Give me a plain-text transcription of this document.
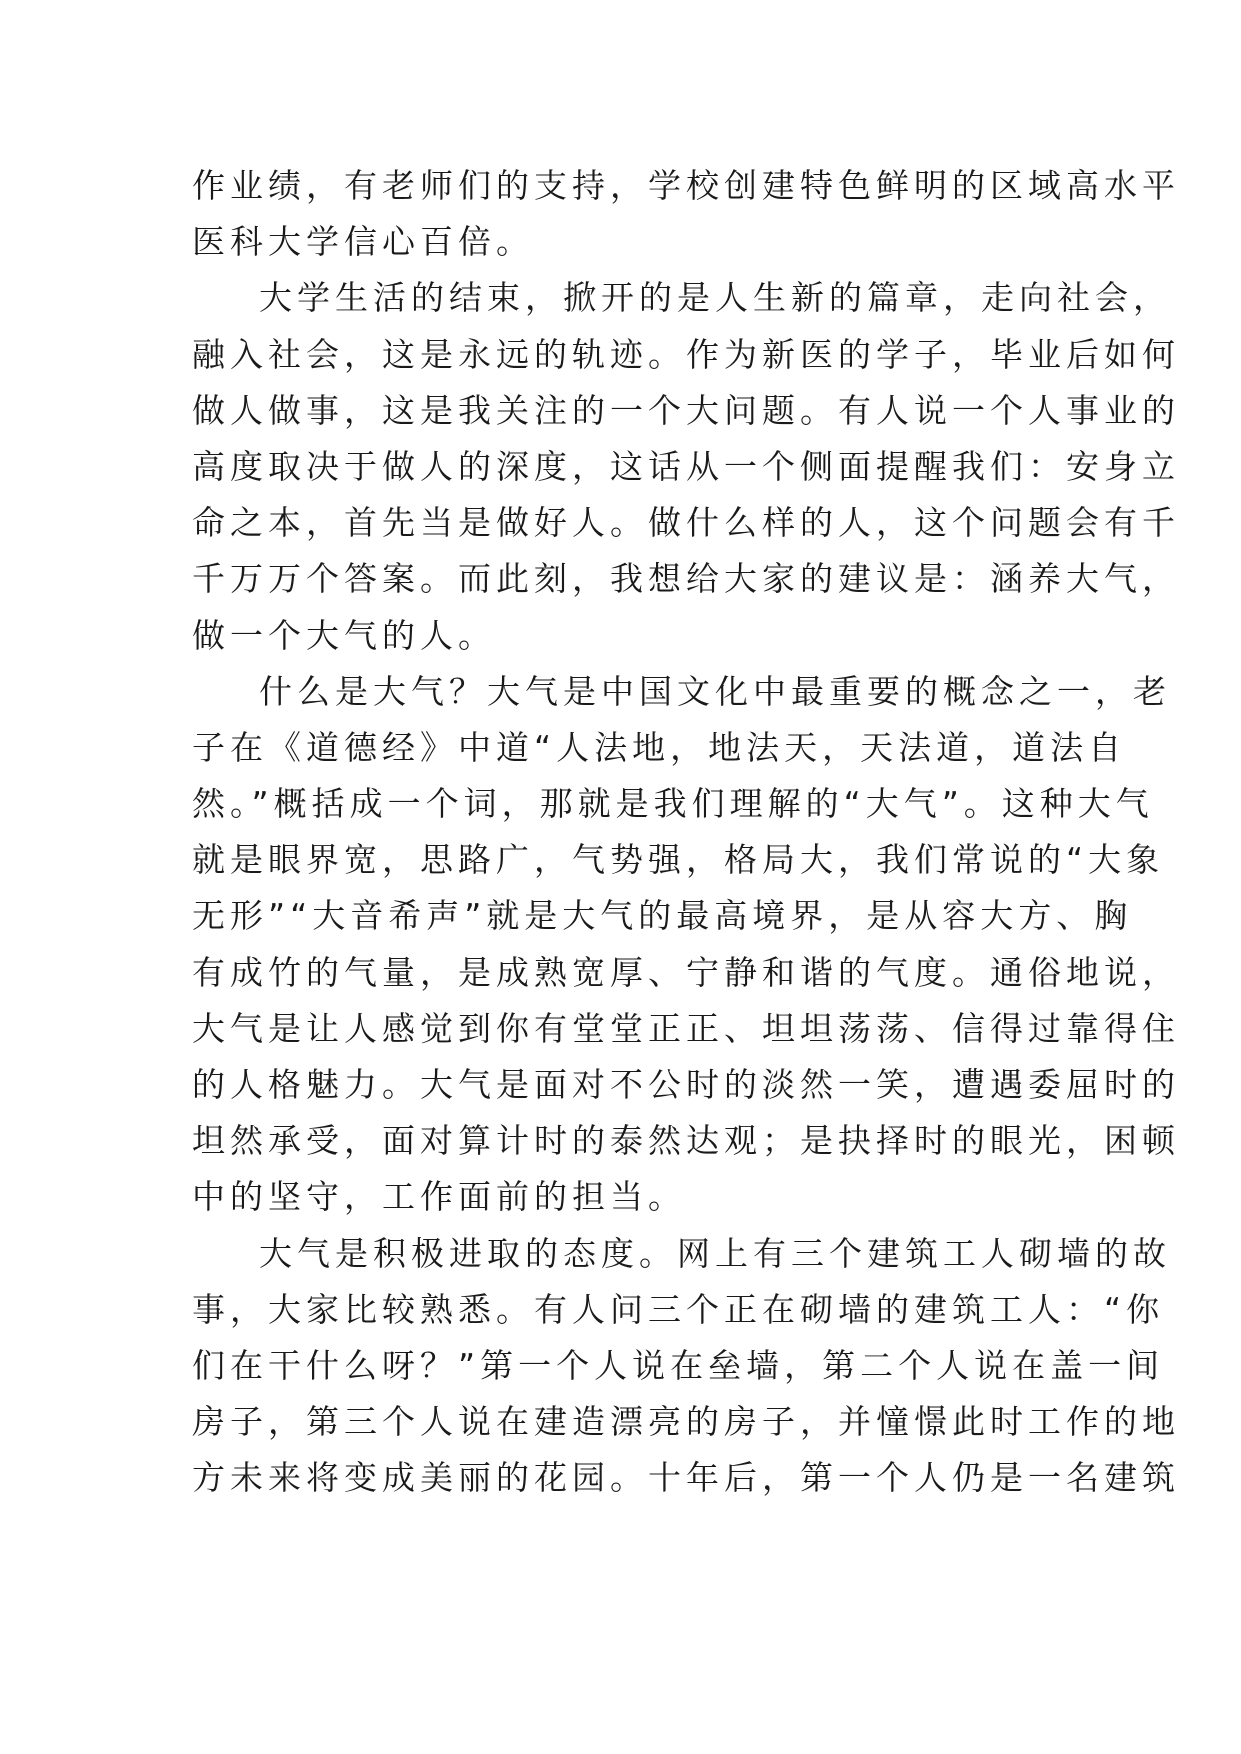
作业绩，有老师们的支持，学校创建特色鲜明的区域高水平
医科大学信心百倍。
大学生活的结束，掀开的是人生新的篇章，走向社会，
融入社会，这是永远的轨迹。作为新医的学子，毕业后如何
做人做事，这是我关注的一个大问题。有人说一个人事业的
高度取决于做人的深度，这话从一个侧面提醒我们：安身立
命之本，首先当是做好人。做什么样的人，这个问题会有千
千万万个答案。而此刻，我想给大家的建议是：涵养大气，
做一个大气的人。
什么是大气？大气是中国文化中最重要的概念之一，老
子在《道德经》中道“人法地，地法天，天法道，道法自
然。”概括成一个词，那就是我们理解的“大气”。这种大气
就是眼界宽，思路广，气势强，格局大，我们常说的“大象
无形”“大音希声”就是大气的最高境界，是从容大方、胸
有成竹的气量，是成熟宽厚、宁静和谐的气度。通俗地说，
大气是让人感觉到你有堂堂正正、坦坦荡荡、信得过靠得住
的人格魅力。大气是面对不公时的淡然一笑，遭遇委屈时的
坦然承受，面对算计时的泰然达观；是抉择时的眼光，困顿
中的坚守，工作面前的担当。
大气是积极进取的态度。网上有三个建筑工人砌墙的故
事，大家比较熟悉。有人问三个正在砌墙的建筑工人：“你
们在干什么呀？”第一个人说在垒墙，第二个人说在盖一间
房子，第三个人说在建造漂亮的房子，并憧憬此时工作的地
方未来将变成美丽的花园。十年后，第一个人仍是一名建筑
